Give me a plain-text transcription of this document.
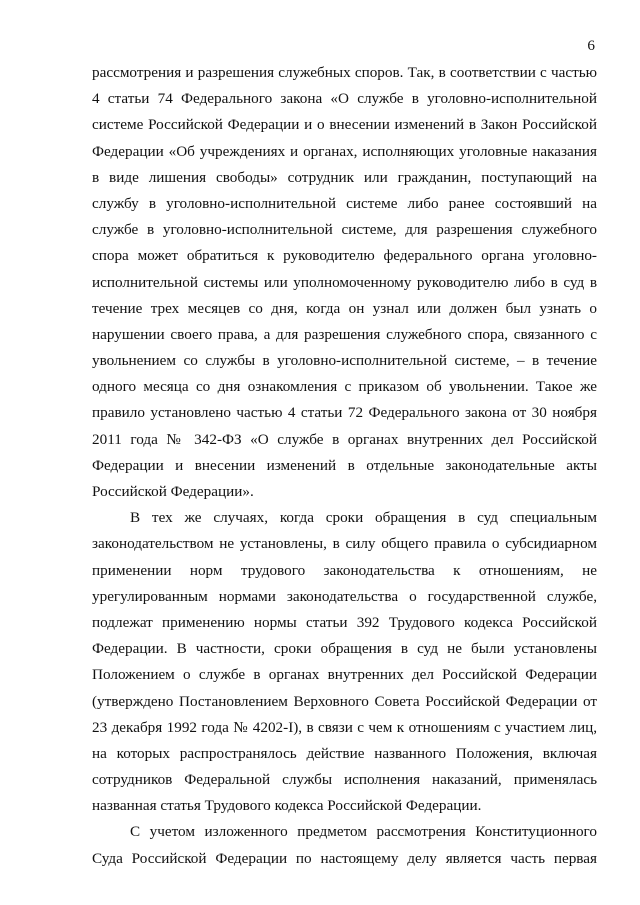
6

рассмотрения и разрешения служебных споров. Так, в соответствии с частью

4 статьи 74 Федерального закона «О службе в уголовно-исполнительной

системе Российской Федерации и о внесении изменений в Закон Российской

Федерации «Об учреждениях и органах, исполняющих уголовные наказания

в виде лишения свободы» сотрудник или гражданин, поступающий на

службу в уголовно-исполнительной системе либо ранее состоявший на

службе в уголовно-исполнительной системе, для разрешения служебного

спора может обратиться к руководителю федерального органа уголовно-

исполнительной системы или уполномоченному руководителю либо в суд в

течение трех месяцев со дня, когда он узнал или должен был узнать о

нарушении своего права, а для разрешения служебного спора, связанного с

увольнением со службы в уголовно-исполнительной системе, – в течение

одного месяца со дня ознакомления с приказом об увольнении. Такое же

правило установлено частью 4 статьи 72 Федерального закона от 30 ноября

2011 года № 342-ФЗ «О службе в органах внутренних дел Российской

Федерации и внесении изменений в отдельные законодательные акты

Российской Федерации».

В тех же случаях, когда сроки обращения в суд специальным

законодательством не установлены, в силу общего правила о субсидиарном

применении норм трудового законодательства к отношениям, не

урегулированным нормами законодательства о государственной службе,

подлежат применению нормы статьи 392 Трудового кодекса Российской

Федерации. В частности, сроки обращения в суд не были установлены

Положением о службе в органах внутренних дел Российской Федерации

(утверждено Постановлением Верховного Совета Российской Федерации от

23 декабря 1992 года № 4202-I), в связи с чем к отношениям с участием лиц,

на которых распространялось действие названного Положения, включая

сотрудников Федеральной службы исполнения наказаний, применялась

названная статья Трудового кодекса Российской Федерации.

С учетом изложенного предметом рассмотрения Конституционного

Суда Российской Федерации по настоящему делу является часть первая
